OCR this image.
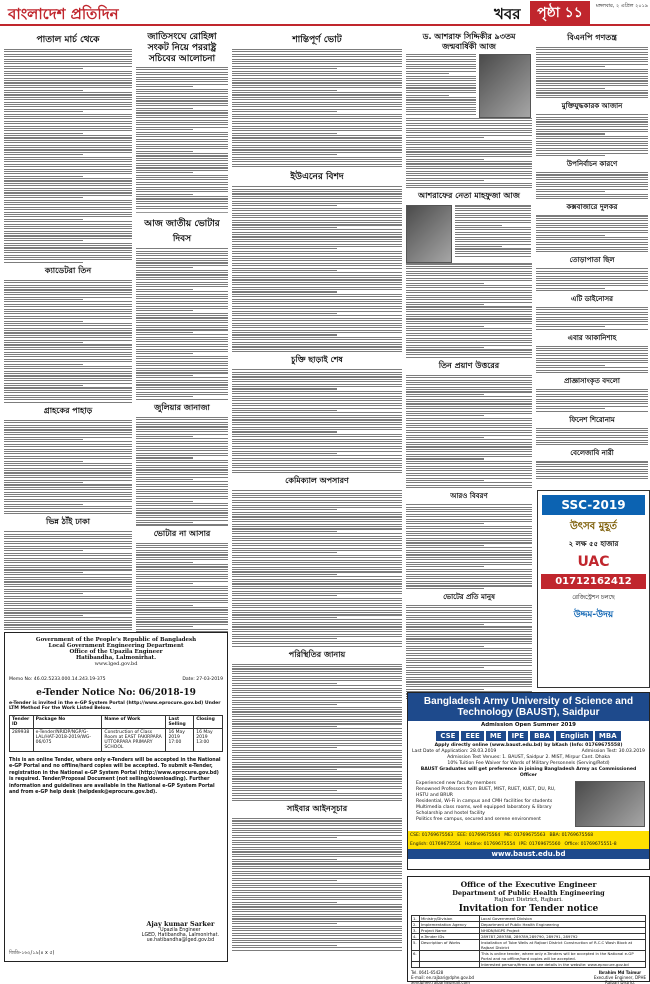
বাংলাদেশ প্রতিদিন	খবর	পৃষ্ঠা ১১	মঙ্গলবার, ২ এপ্রিল ২০১৯
পাতাল মার্চ থেকে
ক্যাডেটরা তিন
গ্রাহকের পাহাড়
ভিন্ন ঠাঁই ঢাকা
জাতিসংঘে রোহিঙ্গা সংকট নিয়ে পররাষ্ট্র সচিবের আলোচনা
আজ জাতীয় ভোটার দিবস
জুলিয়ার জানাজা
ভোটার না আসার
শান্তিপূর্ণ ভোট
ইউএনের বিশদ
চুক্তি ছাড়াই শেষ
কেমিক্যাল অপসারণ
পরিস্থিতির জানায়
সাইবার আইনসূচার
ড. আশরাফ সিদ্দিকীর ৯৩তম জন্মবার্ষিকী আজ
আশরাফের নেতা মাহফুজা আজ
তিন প্রয়াণ উত্তরের
আরও বিবরণ
ভোটের প্রতি মানুষ
বিএনপি গণতন্ত্র
মুক্তিযুদ্ধকারক আজান
উপনির্বাচন কারণে
কক্সবাজারে দুলকর
তোড়াপাতা ছিল
এটি ডাইনোসর
এবার আকানিশাহ
প্রাজ্ঞাসাংকৃত বদলো
ফিনেশ শিরোনাম
বেলেজাবি নারী
SSC-2019
উৎসব মুহূর্ত
২ লক্ষ ৫৫ হাজার
UAC
01712162412
রেজিস্ট্রেশন চলছে
উদ্দম-উদয়
Bangladesh Army University of Science and Technology (BAUST), Saidpur
Admission Open Summer 2019
CSE	EEE	ME	IPE	BBA	English	MBA
Apply directly online (www.baust.edu.bd) by bKash (Info: 01769675558)
Last Date of Application: 28.03.2019	Admission Test: 30.03.2019
Admission Test Venues: 1. BAUST, Saidpur 2. MIST, Mirpur Cant. Dhaka
10% Tuition Fee Waiver for Wards of Military Personnels (Serving/Retd)
BAUST Graduates will get preference in joining Bangladesh Army as Commissioned Officer
Experienced new faculty members
Renowned Professors from BUET, MIST, RUET, KUET, DU, RU, HSTU and BRUR
Residential, Wi-Fi in campus and CMH facilities for students
Multimedia class rooms, well equipped laboratory & library
Scholarship and hostel facility
Politics free campus, secured and serene environment
CSE: 01769675563 EEE: 01769675564 ME: 01769675563 BBA: 01769675568
English: 01769675554 Hotline: 01769675554 IPE: 01769675560 Office: 01769675551-8
www.baust.edu.bd
Government of the People's Republic of Bangladesh
Local Government Engineering Department
Office of the Upazila Engineer
Hatibandha, Lalmonirhat.
www.lged.gov.bd
Memo No: 46.02.5233.000.14.243.19-375	Date: 27-03-2019
e-Tender Notice No: 06/2018-19
e-Tender is invited in the e-GP System Portal (http://www.eprocure.gov.bd) Under LTM Method For the Work Listed Below.
Tender ID	Package No	Name of Work	Last Selling	Closing
289938	e-Tender/NRIDP/NGP/G-LAL/HAT-2018-2019/WG-06/075	Construction of Class Room at EAST FAKIRPARA UTTORPARA PRIMARY SCHOOL	16 May 2019 17:00	16 May 2019 13:00
This is an online Tender, where only e-Tenders will be accepted in the National e-GP Portal and no offline/hard copies will be accepted. To submit e-Tender, registration in the National e-GP System Portal (http://www.eprocure.gov.bd) is required. Tender/Proposal Document (not selling/downloading). Further information and guidelines are available in the National e-GP System Portal and from e-GP help desk (helpdesk@eprocure.gov.bd).
Ajay kumar Sarker
Upazila Engineer
LGED, Hatibandha, Lalmonirhat.
ue.hatibandha@lged.gov.bd
জিডি-১৬২/১৯(৪ x ৫)
Office of the Executive Engineer
Department of Public Health Engineering
Rajbari District, Rajbari.
Invitation for Tender notice
1.	Ministry/Division	Local Government Division
2.	Implementation Agency	Department of Public Health Engineering
3.	Project Name	NHIDN/NGPS Project
4.	e-Tender IDs	289787,289788, 289789,289790, 289791, 289792
5.	Description of Works	Installation of Tube Wells at Rajbari District Construction of R.C.C Wash Block at Rajbari District
6.		This is online tender, where only e-Tenders will be accepted in the National e-GP Portal and no offline/hard copies will be accepted.
		Interested persons/firms can see details in the website: www.eprocure.gov.bd
Tel. 0641-65428
E-mail: ee.rajbari@dphe.gov.bd
xendphee.rajbari@gmail.com
Ibrahim Md Taimur
Executive Engineer, DPHE
Rajbari District
